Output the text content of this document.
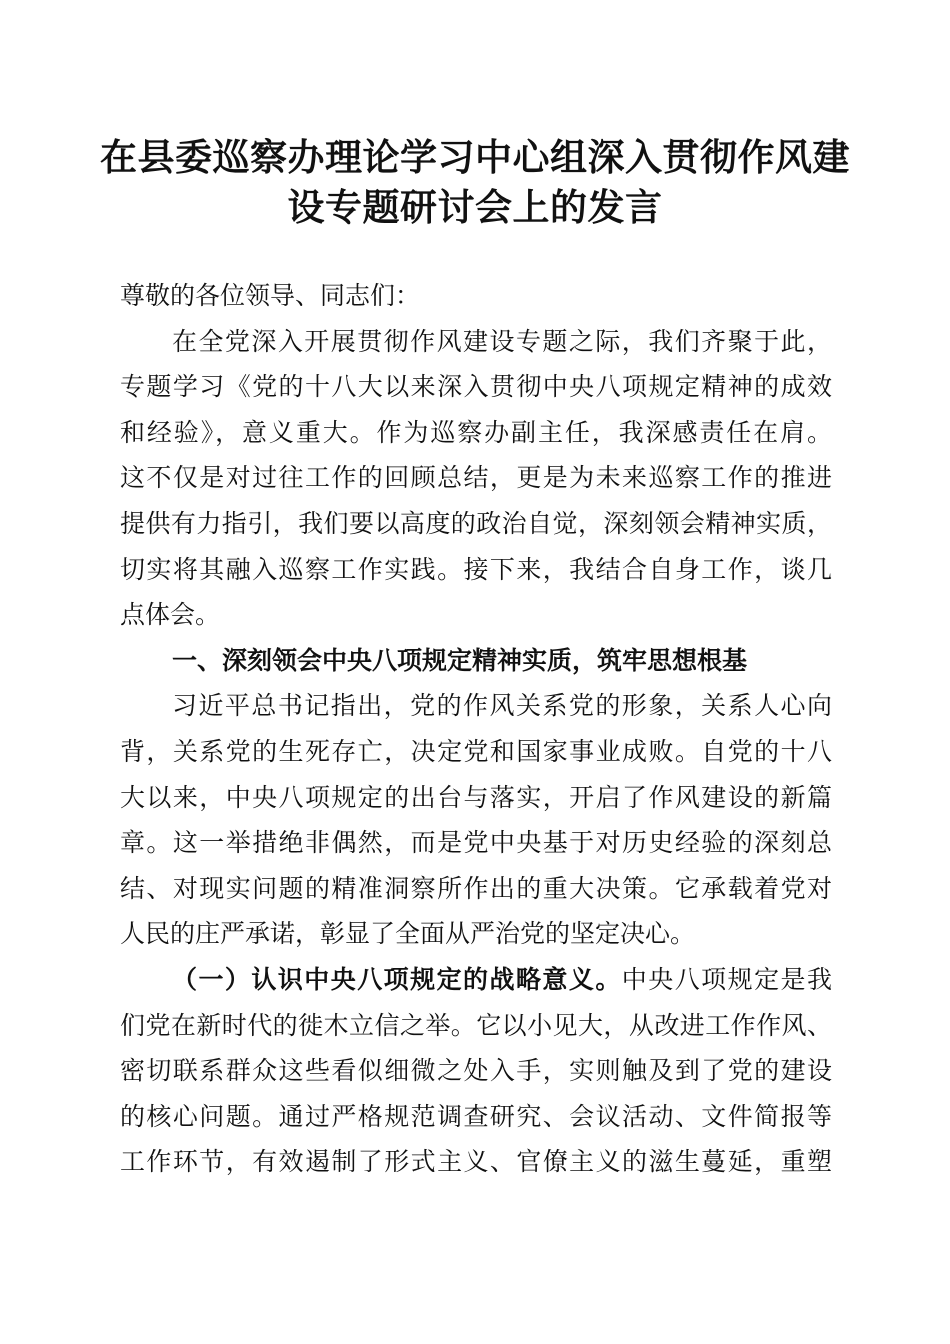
在县委巡察办理论学习中心组深入贯彻作风建
设专题研讨会上的发言
尊敬的各位领导、同志们：
在全党深入开展贯彻作风建设专题之际，我们齐聚于此，
专题学习《党的十八大以来深入贯彻中央八项规定精神的成效
和经验》，意义重大。作为巡察办副主任，我深感责任在肩。
这不仅是对过往工作的回顾总结，更是为未来巡察工作的推进
提供有力指引，我们要以高度的政治自觉，深刻领会精神实质，
切实将其融入巡察工作实践。接下来，我结合自身工作，谈几
点体会。
一、深刻领会中央八项规定精神实质，筑牢思想根基
习近平总书记指出，党的作风关系党的形象，关系人心向
背，关系党的生死存亡，决定党和国家事业成败。自党的十八
大以来，中央八项规定的出台与落实，开启了作风建设的新篇
章。这一举措绝非偶然，而是党中央基于对历史经验的深刻总
结、对现实问题的精准洞察所作出的重大决策。它承载着党对
人民的庄严承诺，彰显了全面从严治党的坚定决心。
（一）认识中央八项规定的战略意义。中央八项规定是我
们党在新时代的徙木立信之举。它以小见大，从改进工作作风、
密切联系群众这些看似细微之处入手，实则触及到了党的建设
的核心问题。通过严格规范调查研究、会议活动、文件简报等
工作环节，有效遏制了形式主义、官僚主义的滋生蔓延，重塑
